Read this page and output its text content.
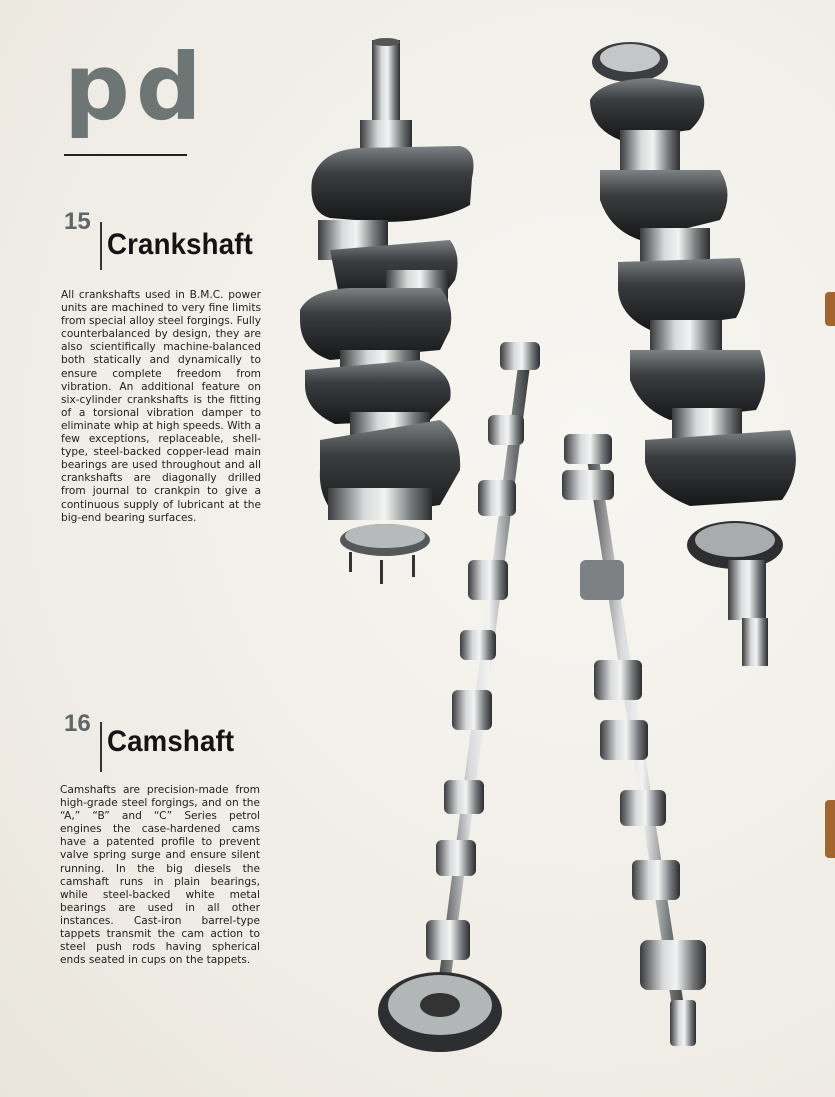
pd
15
Crankshaft
All crankshafts used in B.M.C. power units are machined to very fine limits from special alloy steel forgings. Fully counterbalanced by design, they are also scientifically machine-balanced both statically and dynamically to ensure complete freedom from vibration. An additional feature on six-cylinder crankshafts is the fitting of a torsional vibration damper to eliminate whip at high speeds. With a few exceptions, replaceable, shell-type, steel-backed copper-lead main bearings are used throughout and all crankshafts are diagonally drilled from journal to crankpin to give a continuous supply of lubricant at the big-end bearing surfaces.
16
Camshaft
Camshafts are precision-made from high-grade steel forgings, and on the “A,” “B” and “C” Series petrol engines the case-hardened cams have a patented profile to prevent valve spring surge and ensure silent running. In the big diesels the camshaft runs in plain bearings, while steel-backed white metal bearings are used in all other instances. Cast-iron barrel-type tappets transmit the cam action to steel push rods having spherical ends seated in cups on the tappets.
